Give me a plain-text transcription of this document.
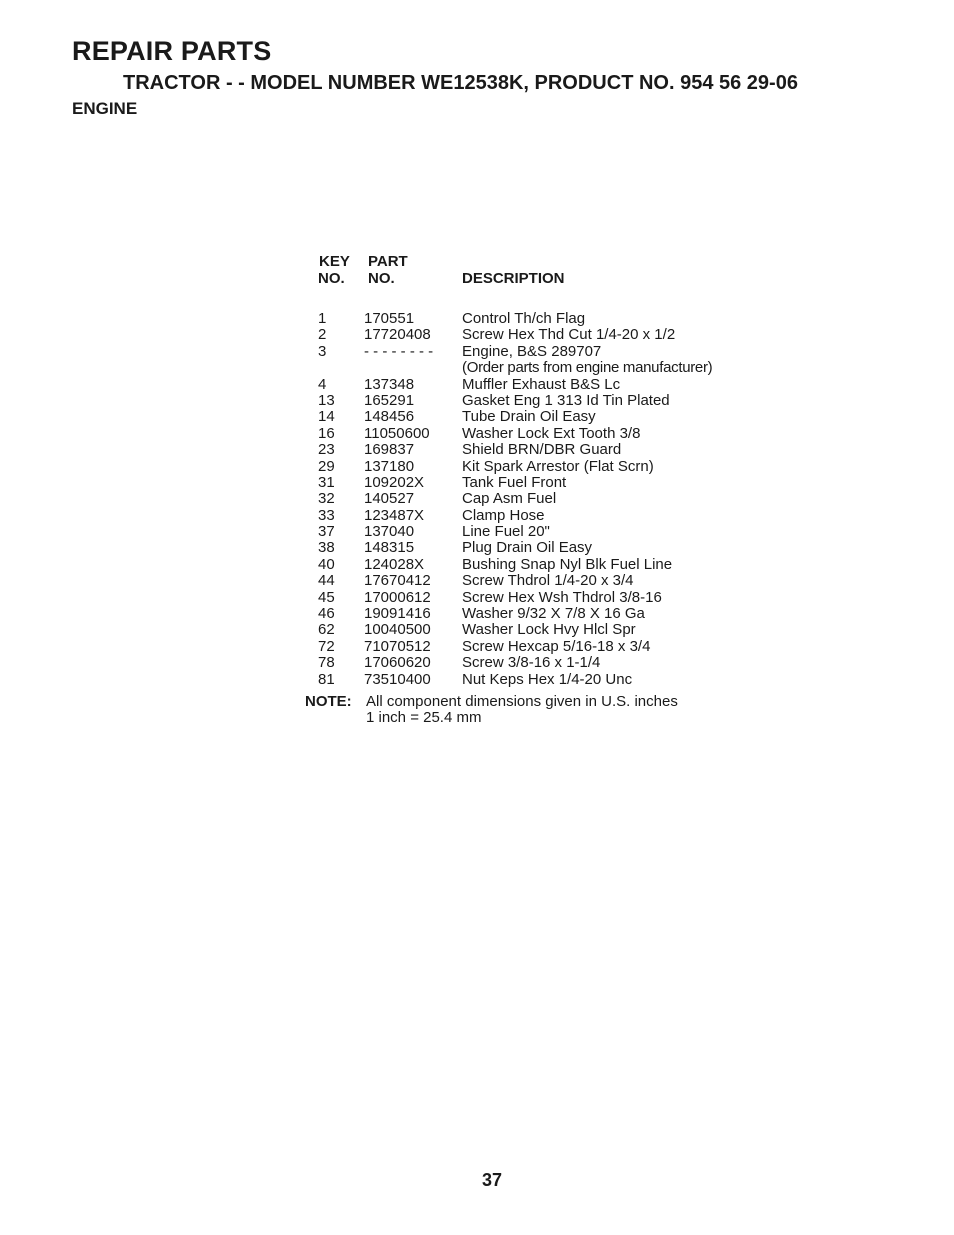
REPAIR PARTS
TRACTOR - - MODEL NUMBER WE12538K, PRODUCT NO. 954 56 29-06
ENGINE
KEY
NO.
PART
NO.	DESCRIPTION
1	170551	Control Th/ch Flag
2	17720408 Screw Hex Thd Cut 1/4-20 x 1/2
3	- - - - - - - - Engine, B&S 289707
(Order parts from engine manufacturer)
4	137348	Muffler Exhaust B&S Lc
13 165291	Gasket Eng 1 313 Id Tin Plated
14 148456	Tube Drain Oil Easy
16 11050600 Washer Lock Ext Tooth 3/8
23 169837	Shield BRN/DBR Guard
29 137180	Kit Spark Arrestor (Flat Scrn)
31 109202X	Tank Fuel Front
32 140527	Cap Asm Fuel
33 123487X	Clamp Hose
37 137040	Line Fuel 20"
38 148315	Plug Drain Oil Easy
40 124028X	Bushing Snap Nyl Blk Fuel Line
44 17670412 Screw Thdrol 1/4-20 x 3/4
45 17000612 Screw Hex Wsh Thdrol 3/8-16
46 19091416 Washer 9/32 X 7/8 X 16 Ga
62 10040500 Washer Lock Hvy Hlcl Spr
72 71070512 Screw Hexcap 5/16-18 x 3/4
78 17060620 Screw 3/8-16 x 1-1/4
81 73510400 Nut Keps Hex 1/4-20 Unc
NOTE: All component dimensions given in U.S. inches
1 inch = 25.4 mm
37
